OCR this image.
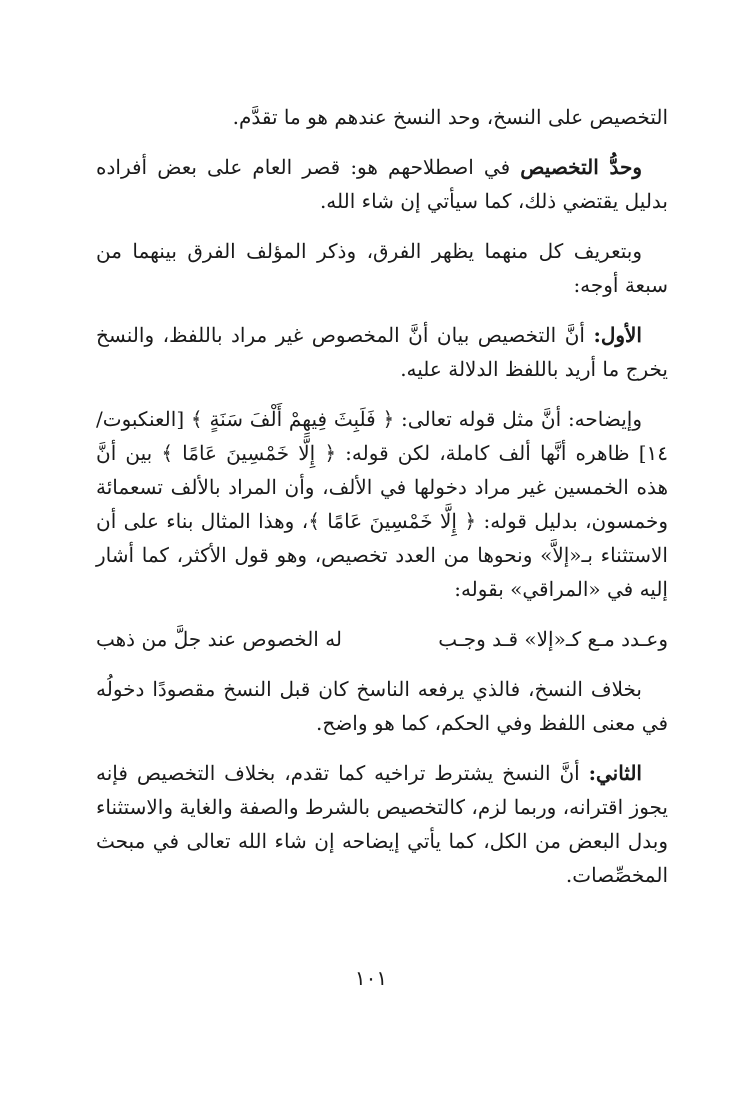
التخصيص على النسخ، وحد النسخ عندهم هو ما تقدَّم.

وحدُّ التخصيص في اصطلاحهم هو: قصر العام على بعض أفراده بدليل يقتضي ذلك، كما سيأتي إن شاء الله.

وبتعريف كل منهما يظهر الفرق، وذكر المؤلف الفرق بينهما من سبعة أوجه:

الأول: أنَّ التخصيص بيان أنَّ المخصوص غير مراد باللفظ، والنسخ يخرج ما أريد باللفظ الدلالة عليه.

وإيضاحه: أنَّ مثل قوله تعالى: ﴿ فَلَبِثَ فِيهِمْ أَلْفَ سَنَةٍ ﴾ [العنكبوت/١٤] ظاهره أنَّها ألف كاملة، لكن قوله: ﴿ إِلَّا خَمْسِينَ عَامًا ﴾ بين أنَّ هذه الخمسين غير مراد دخولها في الألف، وأن المراد بالألف تسعمائة وخمسون، بدليل قوله: ﴿ إِلَّا خَمْسِينَ عَامًا ﴾، وهذا المثال بناء على أن الاستثناء بـ«إلاَّ» ونحوها من العدد تخصيص، وهو قول الأكثر، كما أشار إليه في «المراقي» بقوله:

وعـدد مـع كـ«إلا» قـد وجـب
له الخصوص عند جلَّ من ذهب

بخلاف النسخ، فالذي يرفعه الناسخ كان قبل النسخ مقصودًا دخولُه في معنى اللفظ وفي الحكم، كما هو واضح.

الثاني: أنَّ النسخ يشترط تراخيه كما تقدم، بخلاف التخصيص فإنه يجوز اقترانه، وربما لزم، كالتخصيص بالشرط والصفة والغاية والاستثناء وبدل البعض من الكل، كما يأتي إيضاحه إن شاء الله تعالى في مبحث المخصِّصات.

١٠١
